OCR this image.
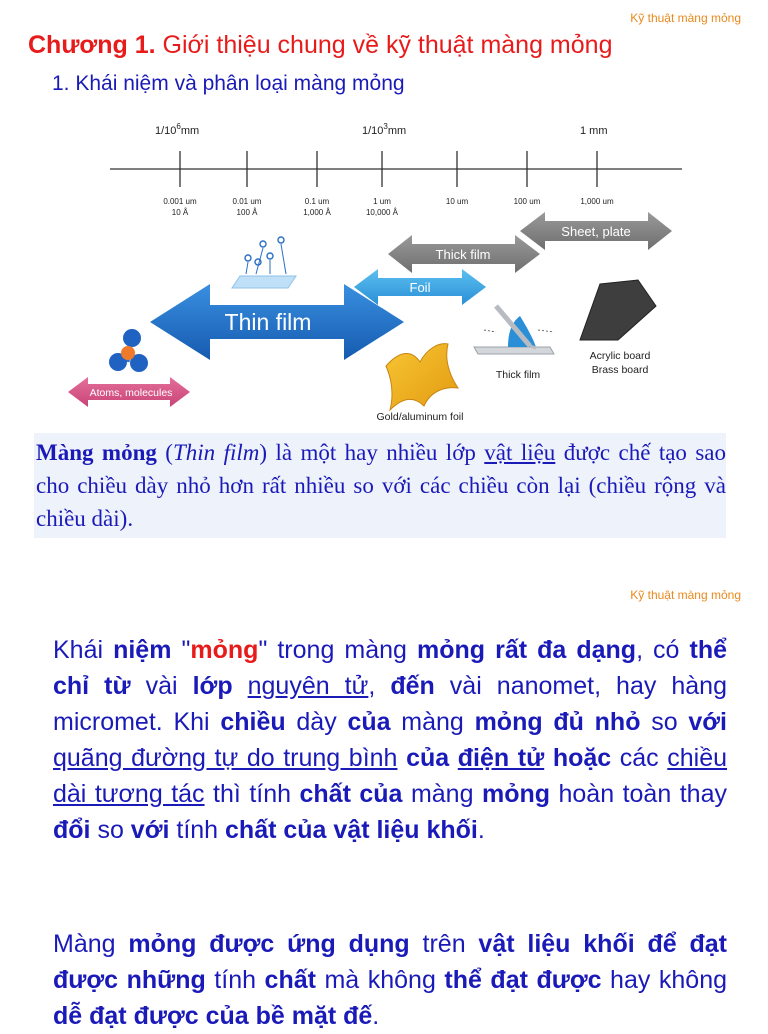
Kỹ thuật màng mỏng
Chương 1. Giới thiệu chung về kỹ thuật màng mỏng
1. Khái niệm và phân loại màng mỏng
$1/10^6mm$	$1/10^3mm$	1 mm
0.001 um
10 Å
0.01 um
100 Å
0.1 um
1,000 Å
1 um
10,000 Å
10 um	100 um	1,000 um
Sheet, plate
Thick film
Foil
Thin film
Atoms, molecules
Gold/aluminum foil
Thick film
Acrylic board
Brass board
Màng mỏng (Thin film) là một hay nhiều lớp vật liệu được chế tạo sao cho chiều dày nhỏ hơn rất nhiều so với các chiều còn lại (chiều rộng và chiều dài).
Kỹ thuật màng mỏng
Khái niệm "mỏng" trong màng mỏng rất đa dạng, có thể chỉ từ vài lớp nguyên tử, đến vài nanomet, hay hàng micromet. Khi chiều dày của màng mỏng đủ nhỏ so với quãng đường tự do trung bình của điện tử hoặc các chiều dài tương tác thì tính chất của màng mỏng hoàn toàn thay đổi so với tính chất của vật liệu khối.
Màng mỏng được ứng dụng trên vật liệu khối để đạt được những tính chất mà không thể đạt được hay không dễ đạt được của bề mặt đế.
